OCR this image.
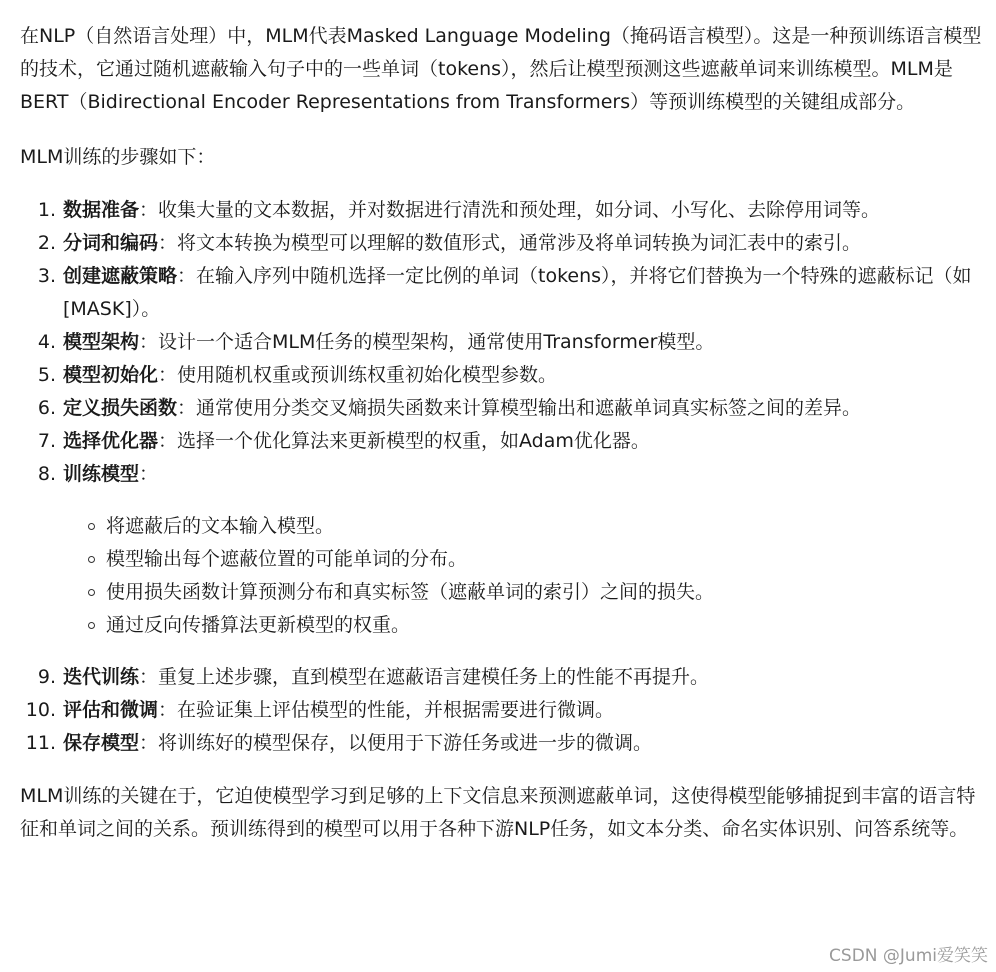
在NLP（自然语言处理）中，MLM代表Masked Language Modeling（掩码语言模型）。这是一种预训练语言模型的技术，它通过随机遮蔽输入句子中的一些单词（tokens），然后让模型预测这些遮蔽单词来训练模型。MLM是BERT（Bidirectional Encoder Representations from Transformers）等预训练模型的关键组成部分。

MLM训练的步骤如下：

1. 数据准备：收集大量的文本数据，并对数据进行清洗和预处理，如分词、小写化、去除停用词等。
2. 分词和编码：将文本转换为模型可以理解的数值形式，通常涉及将单词转换为词汇表中的索引。
3. 创建遮蔽策略：在输入序列中随机选择一定比例的单词（tokens），并将它们替换为一个特殊的遮蔽标记（如[MASK]）。
4. 模型架构：设计一个适合MLM任务的模型架构，通常使用Transformer模型。
5. 模型初始化：使用随机权重或预训练权重初始化模型参数。
6. 定义损失函数：通常使用分类交叉熵损失函数来计算模型输出和遮蔽单词真实标签之间的差异。
7. 选择优化器：选择一个优化算法来更新模型的权重，如Adam优化器。
8. 训练模型：
将遮蔽后的文本输入模型。
模型输出每个遮蔽位置的可能单词的分布。
使用损失函数计算预测分布和真实标签（遮蔽单词的索引）之间的损失。
通过反向传播算法更新模型的权重。
9. 迭代训练：重复上述步骤，直到模型在遮蔽语言建模任务上的性能不再提升。
10. 评估和微调：在验证集上评估模型的性能，并根据需要进行微调。
11. 保存模型：将训练好的模型保存，以便用于下游任务或进一步的微调。

MLM训练的关键在于，它迫使模型学习到足够的上下文信息来预测遮蔽单词，这使得模型能够捕捉到丰富的语言特征和单词之间的关系。预训练得到的模型可以用于各种下游NLP任务，如文本分类、命名实体识别、问答系统等。

CSDN @Jumi爱笑笑
